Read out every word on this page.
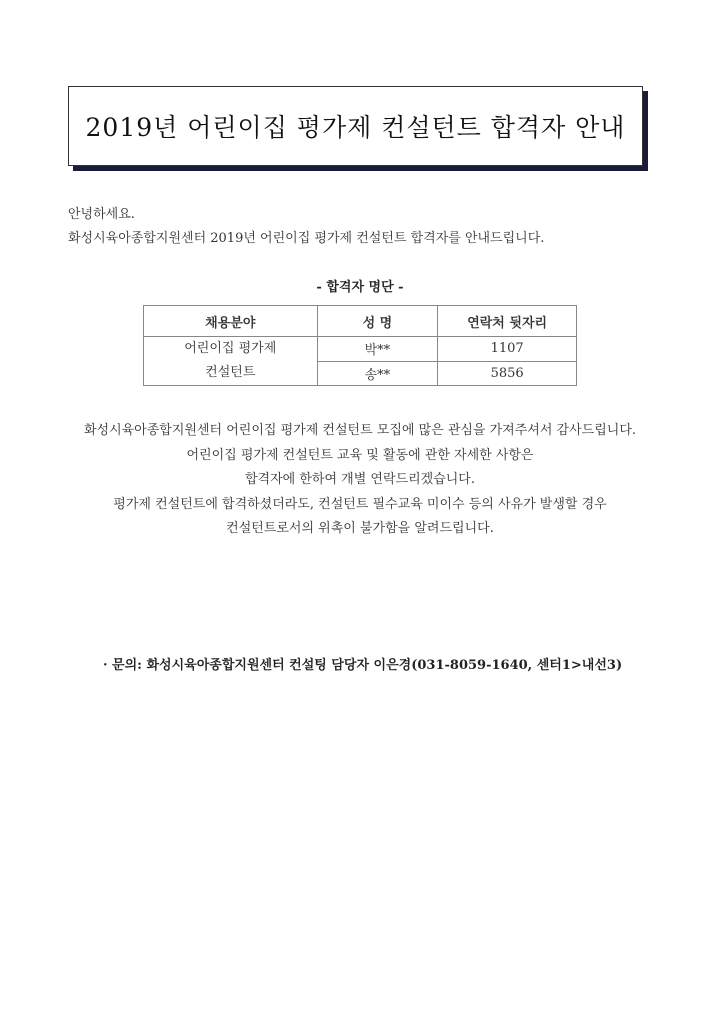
2019년 어린이집 평가제 컨설턴트 합격자 안내
안녕하세요.
화성시육아종합지원센터 2019년 어린이집 평가제 컨설턴트 합격자를 안내드립니다.
- 합격자 명단 -
채용분야	성 명	연락처 뒷자리

어린이집 평가제
컨설턴트	박**	1107
	송**	5856
화성시육아종합지원센터 어린이집 평가제 컨설턴트 모집에 많은 관심을 가져주셔서 감사드립니다.
어린이집 평가제 컨설턴트 교육 및 활동에 관한 자세한 사항은
합격자에 한하여 개별 연락드리겠습니다.
평가제 컨설턴트에 합격하셨더라도, 컨설턴트 필수교육 미이수 등의 사유가 발생할 경우
컨설턴트로서의 위촉이 불가함을 알려드립니다.
· 문의: 화성시육아종합지원센터 컨설팅 담당자 이은경(031-8059-1640, 센터1>내선3)
